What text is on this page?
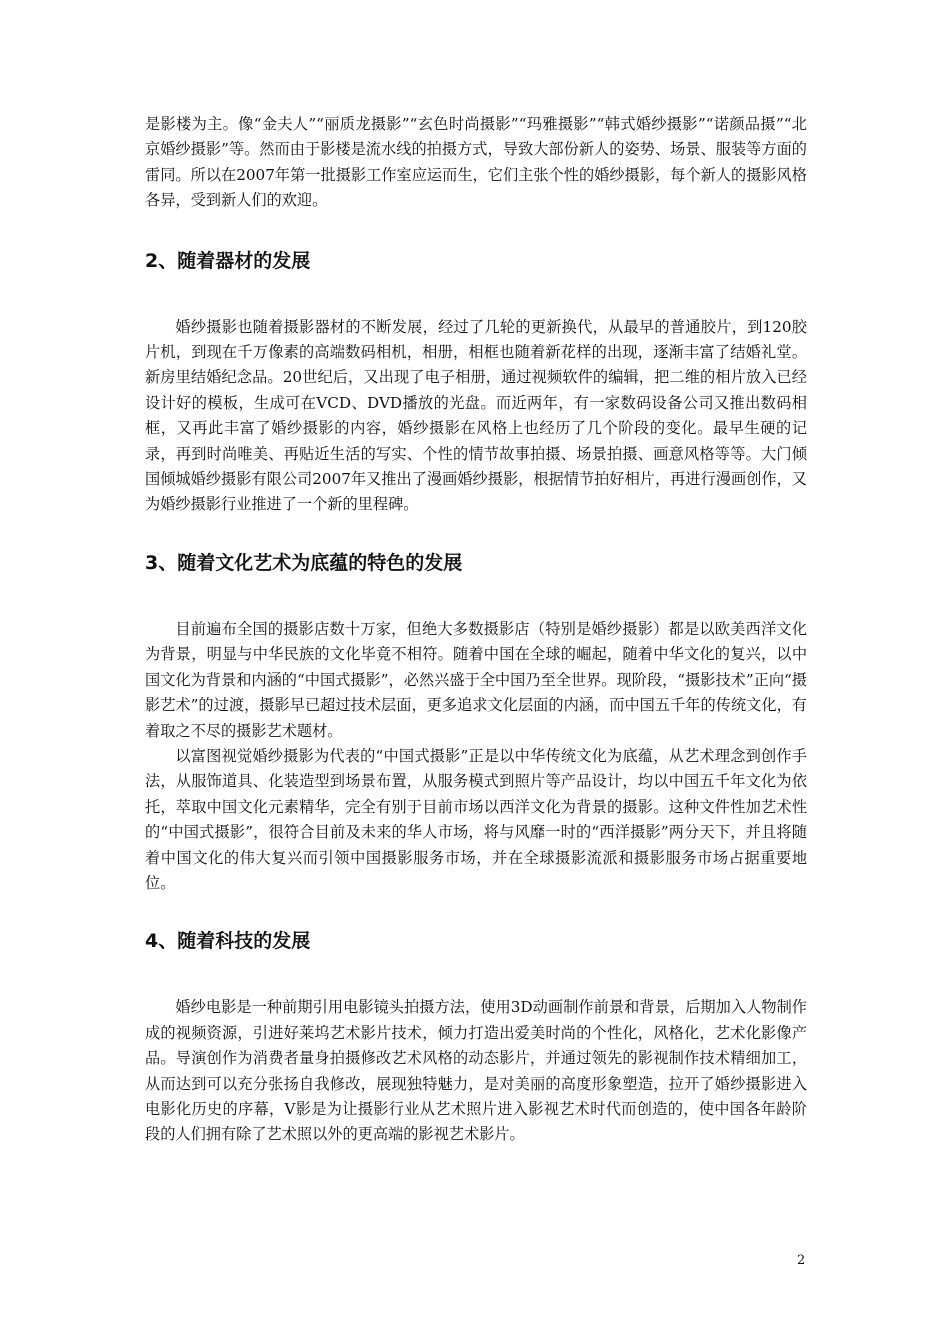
是影楼为主。像“金夫人”“丽质龙摄影”“玄色时尚摄影”“玛雅摄影”“韩式婚纱摄影”“诺颜品摄”“北京婚纱摄影”等。然而由于影楼是流水线的拍摄方式，导致大部份新人的姿势、场景、服装等方面的雷同。所以在2007年第一批摄影工作室应运而生，它们主张个性的婚纱摄影，每个新人的摄影风格各异，受到新人们的欢迎。

2、随着器材的发展

婚纱摄影也随着摄影器材的不断发展，经过了几轮的更新换代，从最早的普通胶片，到120胶片机，到现在千万像素的高端数码相机，相册，相框也随着新花样的出现，逐渐丰富了结婚礼堂。新房里结婚纪念品。20世纪后，又出现了电子相册，通过视频软件的编辑，把二维的相片放入已经设计好的模板，生成可在VCD、DVD播放的光盘。而近两年，有一家数码设备公司又推出数码相框，又再此丰富了婚纱摄影的内容，婚纱摄影在风格上也经历了几个阶段的变化。最早生硬的记录，再到时尚唯美、再贴近生活的写实、个性的情节故事拍摄、场景拍摄、画意风格等等。大门倾国倾城婚纱摄影有限公司2007年又推出了漫画婚纱摄影，根据情节拍好相片，再进行漫画创作，又为婚纱摄影行业推进了一个新的里程碑。

3、随着文化艺术为底蕴的特色的发展

目前遍布全国的摄影店数十万家，但绝大多数摄影店（特别是婚纱摄影）都是以欧美西洋文化为背景，明显与中华民族的文化毕竟不相符。随着中国在全球的崛起，随着中华文化的复兴，以中国文化为背景和内涵的“中国式摄影”，必然兴盛于全中国乃至全世界。现阶段，“摄影技术”正向“摄影艺术”的过渡，摄影早已超过技术层面，更多追求文化层面的内涵，而中国五千年的传统文化，有着取之不尽的摄影艺术题材。

以富图视觉婚纱摄影为代表的“中国式摄影”正是以中华传统文化为底蕴，从艺术理念到创作手法，从服饰道具、化装造型到场景布置，从服务模式到照片等产品设计，均以中国五千年文化为依托，萃取中国文化元素精华，完全有别于目前市场以西洋文化为背景的摄影。这种文件性加艺术性的“中国式摄影”，很符合目前及未来的华人市场，将与风靡一时的“西洋摄影”两分天下，并且将随着中国文化的伟大复兴而引领中国摄影服务市场，并在全球摄影流派和摄影服务市场占据重要地位。

4、随着科技的发展

婚纱电影是一种前期引用电影镜头拍摄方法，使用3D动画制作前景和背景，后期加入人物制作成的视频资源，引进好莱坞艺术影片技术，倾力打造出爱美时尚的个性化，风格化，艺术化影像产品。导演创作为消费者量身拍摄修改艺术风格的动态影片，并通过领先的影视制作技术精细加工，从而达到可以充分张扬自我修改，展现独特魅力，是对美丽的高度形象塑造，拉开了婚纱摄影进入电影化历史的序幕，V影是为让摄影行业从艺术照片进入影视艺术时代而创造的，使中国各年龄阶段的人们拥有除了艺术照以外的更高端的影视艺术影片。

2
